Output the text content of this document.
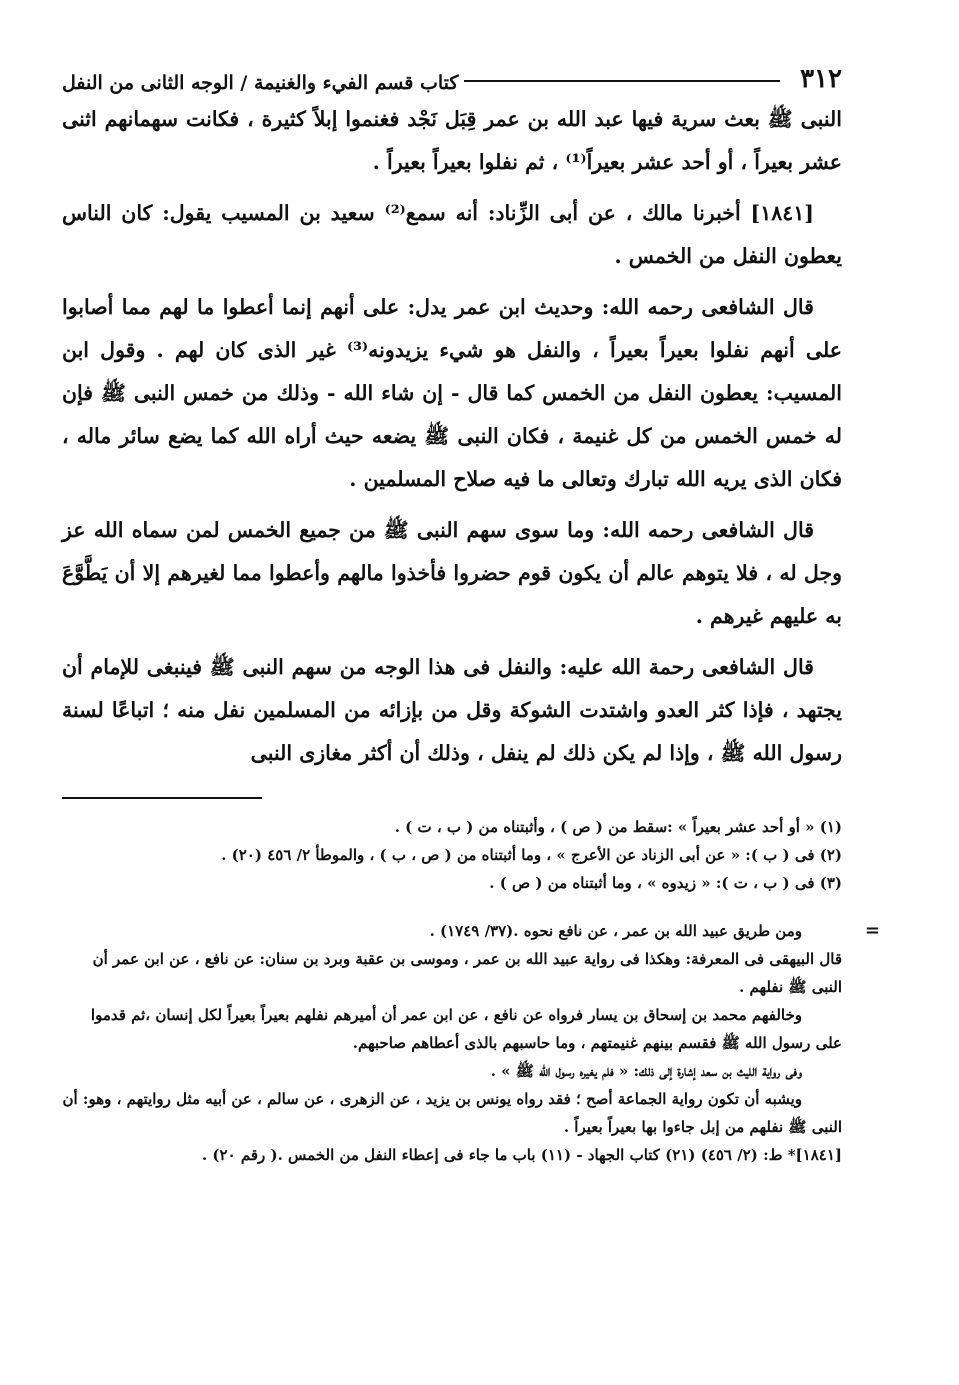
٣١٢
كتاب قسم الفيء والغنيمة / الوجه الثانى من النفل

النبى ﷺ بعث سرية فيها عبد الله بن عمر قِبَل نَجْد فغنموا إبلاً كثيرة ، فكانت سهمانهم اثنى عشر بعيراً ، أو أحد عشر بعيراً⁽¹⁾ ، ثم نفلوا بعيراً بعيراً .

[١٨٤١] أخبرنا مالك ، عن أبى الزِّناد: أنه سمع⁽²⁾ سعيد بن المسيب يقول: كان الناس يعطون النفل من الخمس .

قال الشافعى رحمه الله: وحديث ابن عمر يدل: على أنهم إنما أعطوا ما لهم مما أصابوا على أنهم نفلوا بعيراً بعيراً ، والنفل هو شيء يزيدونه⁽³⁾ غير الذى كان لهم . وقول ابن المسيب: يعطون النفل من الخمس كما قال - إن شاء الله - وذلك من خمس النبى ﷺ فإن له خمس الخمس من كل غنيمة ، فكان النبى ﷺ يضعه حيث أراه الله كما يضع سائر ماله ، فكان الذى يريه الله تبارك وتعالى ما فيه صلاح المسلمين .

قال الشافعى رحمه الله: وما سوى سهم النبى ﷺ من جميع الخمس لمن سماه الله عز وجل له ، فلا يتوهم عالم أن يكون قوم حضروا فأخذوا مالهم وأعطوا مما لغيرهم إلا أن يَطَّوَّعَ به عليهم غيرهم .

قال الشافعى رحمة الله عليه: والنفل فى هذا الوجه من سهم النبى ﷺ فينبغى للإمام أن يجتهد ، فإذا كثر العدو واشتدت الشوكة وقل من بإزائه من المسلمين نفل منه ؛ اتباعًا لسنة رسول الله ﷺ ، وإذا لم يكن ذلك لم ينفل ، وذلك أن أكثر مغازى النبى

(١) « أو أحد عشر بعيراً » :سقط من ( ص ) ، وأثبتناه من ( ب ، ت ) .
(٢) فى ( ب ): « عن أبى الزناد عن الأعرج » ، وما أثبتناه من ( ص ، ب ) ، والموطأ ٢/ ٤٥٦ (٢٠) .
(٣) فى ( ب ، ت ): « زيدوه » ، وما أثبتناه من ( ص ) .
=
ومن طريق عبيد الله بن عمر ، عن نافع نحوه .(٣٧/ ١٧٤٩) .
قال البيهقى فى المعرفة: وهكذا فى رواية عبيد الله بن عمر ، وموسى بن عقبة وبرد بن سنان: عن نافع ، عن ابن عمر أن النبى ﷺ نفلهم .
وخالفهم محمد بن إسحاق بن يسار فرواه عن نافع ، عن ابن عمر أن أميرهم نفلهم بعيراً بعيراً لكل إنسان ،ثم قدموا على رسول الله ﷺ فقسم بينهم غنيمتهم ، وما حاسبهم بالذى أعطاهم صاحبهم.
وفى رواية الليث بن سعد إشارة إلى ذلك: « فلم يغيره رسول الله ﷺ » .
ويشبه أن تكون رواية الجماعة أصح ؛ فقد رواه يونس بن يزيد ، عن الزهرى ، عن سالم ، عن أبيه مثل روايتهم ، وهو: أن النبى ﷺ نفلهم من إبل جاءوا بها بعيراً بعيراً .
[١٨٤١]* ط: (٢/ ٤٥٦) (٢١) كتاب الجهاد - (١١) باب ما جاء فى إعطاء النفل من الخمس .( رقم ٢٠) .
